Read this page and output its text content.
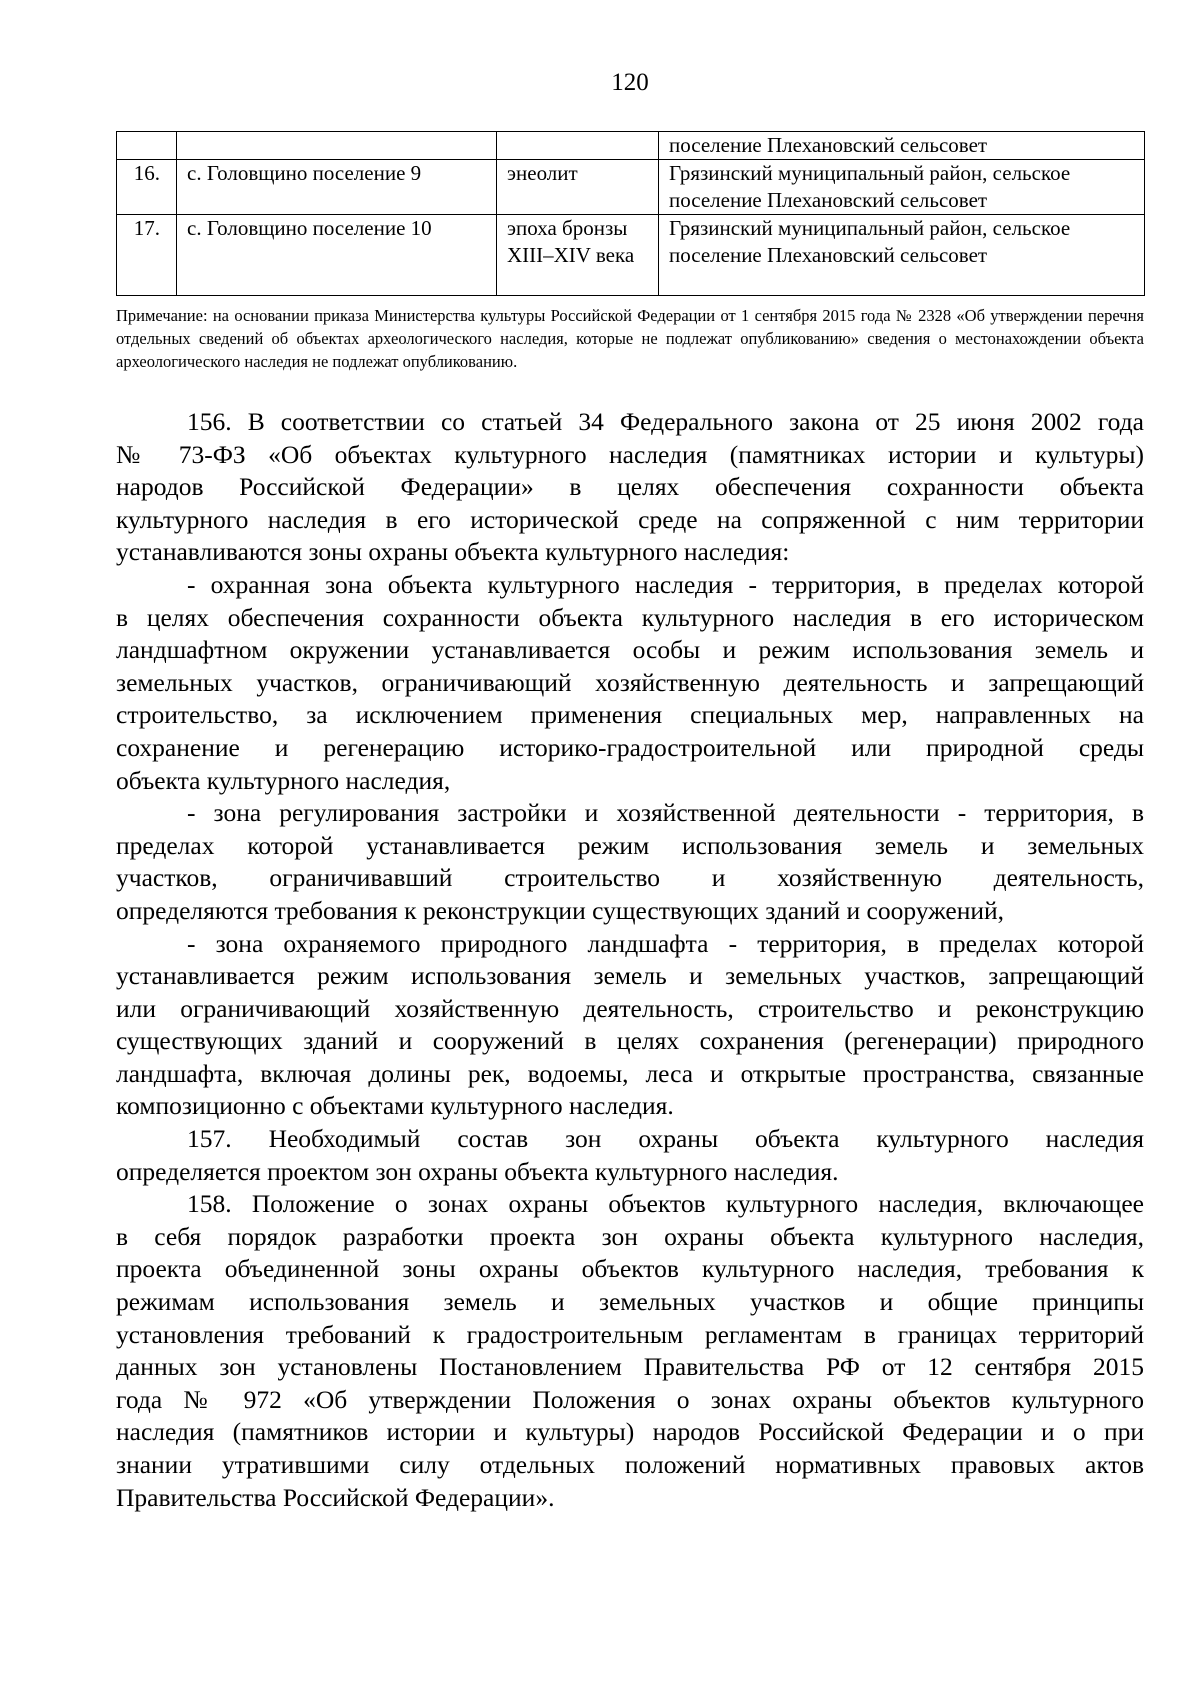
120
			поселение Плехановский сельсовет
16.	с. Головщино поселение 9	энеолит	Грязинский муниципальный район, сельское поселение Плехановский сельсовет
17.	с. Головщино поселение 10	эпоха бронзы XIII–XIV века	Грязинский муниципальный район, сельское поселение Плехановский сельсовет
Примечание: на основании приказа Министерства культуры Российской Федерации от 1 сентября 2015 года № 2328 «Об утверждении перечня отдельных сведений об объектах археологического наследия, которые не подлежат опубликованию» сведения о местонахождении объекта археологического наследия не подлежат опубликованию.

156. В соответствии со статьей 34 Федерального закона от 25 июня 2002 года

№ 73-ФЗ «Об объектах культурного наследия (памятниках истории и культуры)

народов Российской Федерации» в целях обеспечения сохранности объекта

культурного наследия в его исторической среде на сопряженной с ним территории

устанавливаются зоны охраны объекта культурного наследия:

- охранная зона объекта культурного наследия - территория, в пределах которой

в целях обеспечения сохранности объекта культурного наследия в его историческом

ландшафтном окружении устанавливается особы и режим использования земель и

земельных участков, ограничивающий хозяйственную деятельность и запрещающий

строительство, за исключением применения специальных мер, направленных на

сохранение и регенерацию историко-градостроительной или природной среды

объекта культурного наследия,

- зона регулирования застройки и хозяйственной деятельности - территория, в

пределах которой устанавливается режим использования земель и земельных

участков, ограничивавший строительство и хозяйственную деятельность,

определяются требования к реконструкции существующих зданий и сооружений,

- зона охраняемого природного ландшафта - территория, в пределах которой

устанавливается режим использования земель и земельных участков, запрещающий

или ограничивающий хозяйственную деятельность, строительство и реконструкцию

существующих зданий и сооружений в целях сохранения (регенерации) природного

ландшафта, включая долины рек, водоемы, леса и открытые пространства, связанные

композиционно с объектами культурного наследия.

157. Необходимый состав зон охраны объекта культурного наследия

определяется проектом зон охраны объекта культурного наследия.

158. Положение о зонах охраны объектов культурного наследия, включающее

в себя порядок разработки проекта зон охраны объекта культурного наследия,

проекта объединенной зоны охраны объектов культурного наследия, требования к

режимам использования земель и земельных участков и общие принципы

установления требований к градостроительным регламентам в границах территорий

данных зон установлены Постановлением Правительства РФ от 12 сентября 2015

года № 972 «Об утверждении Положения о зонах охраны объектов культурного

наследия (памятников истории и культуры) народов Российской Федерации и о при

знании утратившими силу отдельных положений нормативных правовых актов

Правительства Российской Федерации».
